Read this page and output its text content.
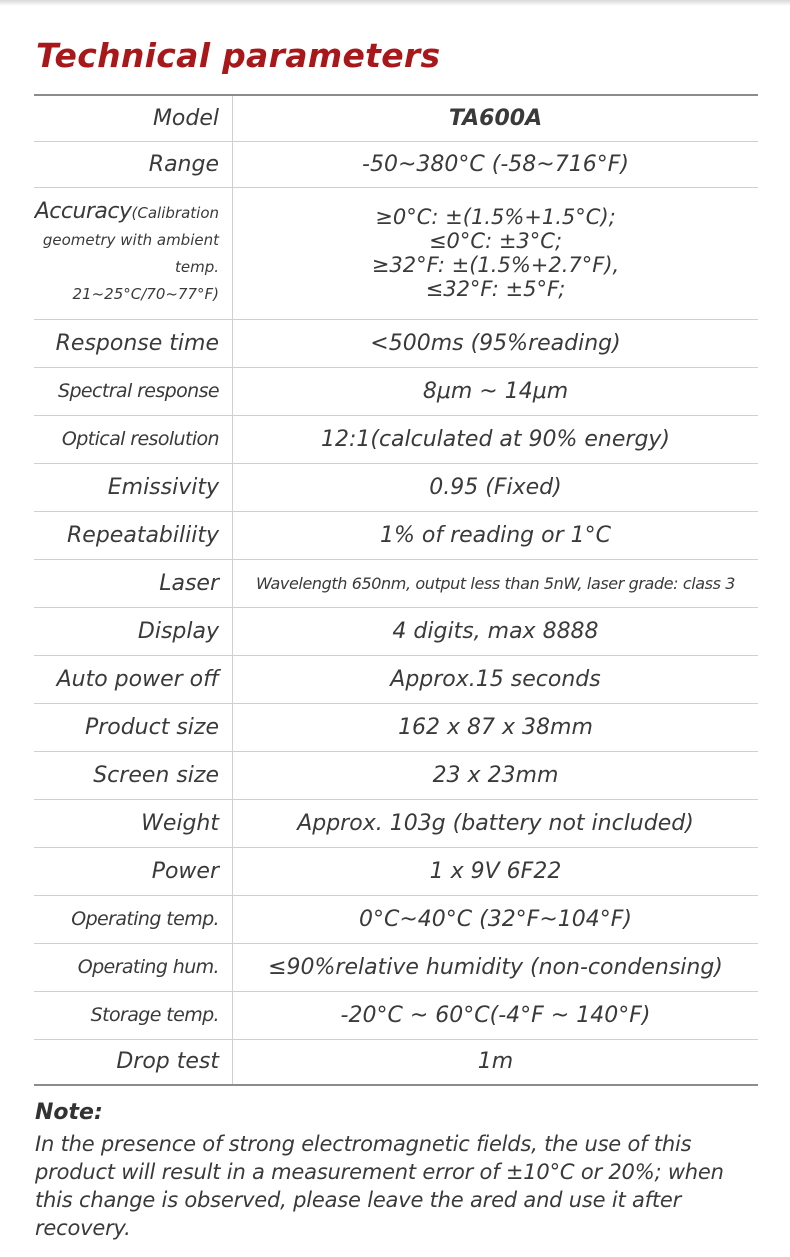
Technical parameters
Model	TA600A
Range	-50~380°C (-58~716°F)
Accuracy(Calibration geometry with ambient temp. 21~25°C/70~77°F)	≥0°C: ±(1.5%+1.5°C);
≤0°C: ±3°C;
≥32°F: ±(1.5%+2.7°F),
≤32°F: ±5°F;

Response time	<500ms (95%reading)
Spectral response	8μm ~ 14μm
Optical resolution	12:1(calculated at 90% energy)
Emissivity	0.95 (Fixed)
Repeatabiliity	1% of reading or 1°C
Laser	Wavelength 650nm, output less than 5nW, laser grade: class 3
Display	4 digits, max 8888
Auto power off	Approx.15 seconds
Product size	162 x 87 x 38mm
Screen size	23 x 23mm
Weight	Approx. 103g (battery not included)
Power	1 x 9V 6F22
Operating temp.	0°C~40°C (32°F~104°F)
Operating hum.	≤90%relative humidity (non-condensing)
Storage temp.	-20°C ~ 60°C(-4°F ~ 140°F)
Drop test	1m
Note:
In the presence of strong electromagnetic fields, the use of this product will result in a measurement error of ±10°C or 20%; when this change is observed, please leave the ared and use it after recovery.
